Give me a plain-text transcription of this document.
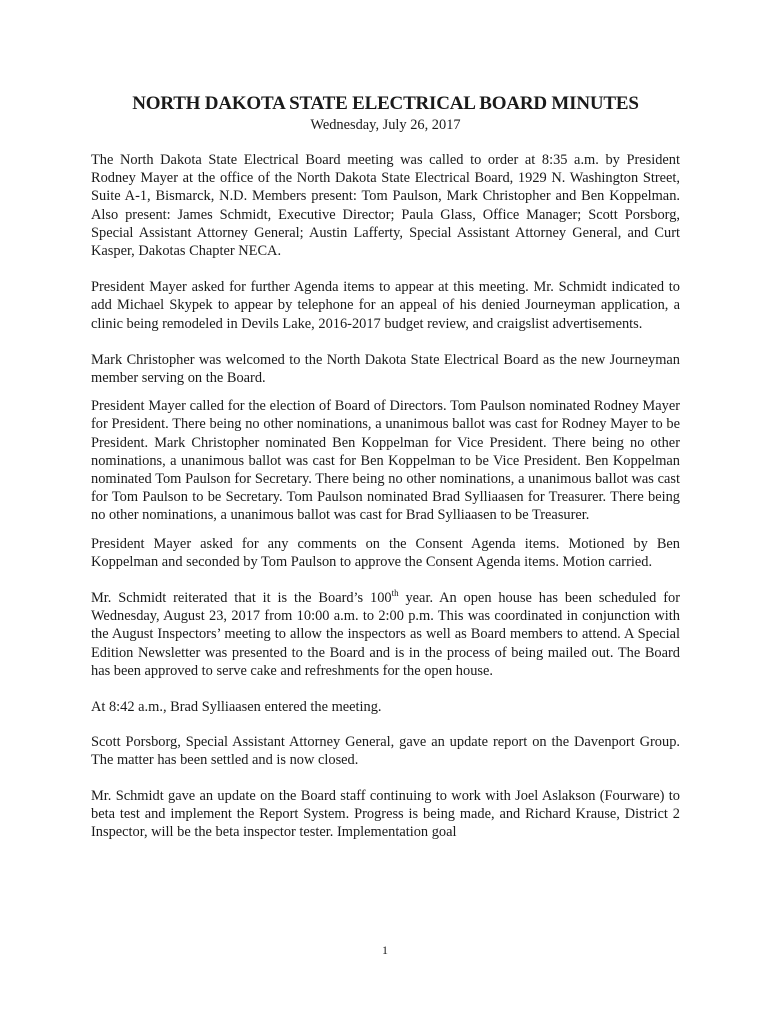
NORTH DAKOTA STATE ELECTRICAL BOARD MINUTES

Wednesday, July 26, 2017

The North Dakota State Electrical Board meeting was called to order at 8:35 a.m. by President Rodney Mayer at the office of the North Dakota State Electrical Board, 1929 N. Washington Street, Suite A-1, Bismarck, N.D. Members present: Tom Paulson, Mark Christopher and Ben Koppelman. Also present: James Schmidt, Executive Director; Paula Glass, Office Manager; Scott Porsborg, Special Assistant Attorney General; Austin Lafferty, Special Assistant Attorney General, and Curt Kasper, Dakotas Chapter NECA.

President Mayer asked for further Agenda items to appear at this meeting. Mr. Schmidt indicated to add Michael Skypek to appear by telephone for an appeal of his denied Journeyman application, a clinic being remodeled in Devils Lake, 2016-2017 budget review, and craigslist advertisements.

Mark Christopher was welcomed to the North Dakota State Electrical Board as the new Journeyman member serving on the Board.

President Mayer called for the election of Board of Directors. Tom Paulson nominated Rodney Mayer for President. There being no other nominations, a unanimous ballot was cast for Rodney Mayer to be President. Mark Christopher nominated Ben Koppelman for Vice President. There being no other nominations, a unanimous ballot was cast for Ben Koppelman to be Vice President. Ben Koppelman nominated Tom Paulson for Secretary. There being no other nominations, a unanimous ballot was cast for Tom Paulson to be Secretary. Tom Paulson nominated Brad Sylliaasen for Treasurer. There being no other nominations, a unanimous ballot was cast for Brad Sylliaasen to be Treasurer.

President Mayer asked for any comments on the Consent Agenda items. Motioned by Ben Koppelman and seconded by Tom Paulson to approve the Consent Agenda items. Motion carried.

Mr. Schmidt reiterated that it is the Board’s 100th year. An open house has been scheduled for Wednesday, August 23, 2017 from 10:00 a.m. to 2:00 p.m. This was coordinated in conjunction with the August Inspectors’ meeting to allow the inspectors as well as Board members to attend. A Special Edition Newsletter was presented to the Board and is in the process of being mailed out. The Board has been approved to serve cake and refreshments for the open house.

At 8:42 a.m., Brad Sylliaasen entered the meeting.

Scott Porsborg, Special Assistant Attorney General, gave an update report on the Davenport Group. The matter has been settled and is now closed.

Mr. Schmidt gave an update on the Board staff continuing to work with Joel Aslakson (Fourware) to beta test and implement the Report System. Progress is being made, and Richard Krause, District 2 Inspector, will be the beta inspector tester. Implementation goal

1
